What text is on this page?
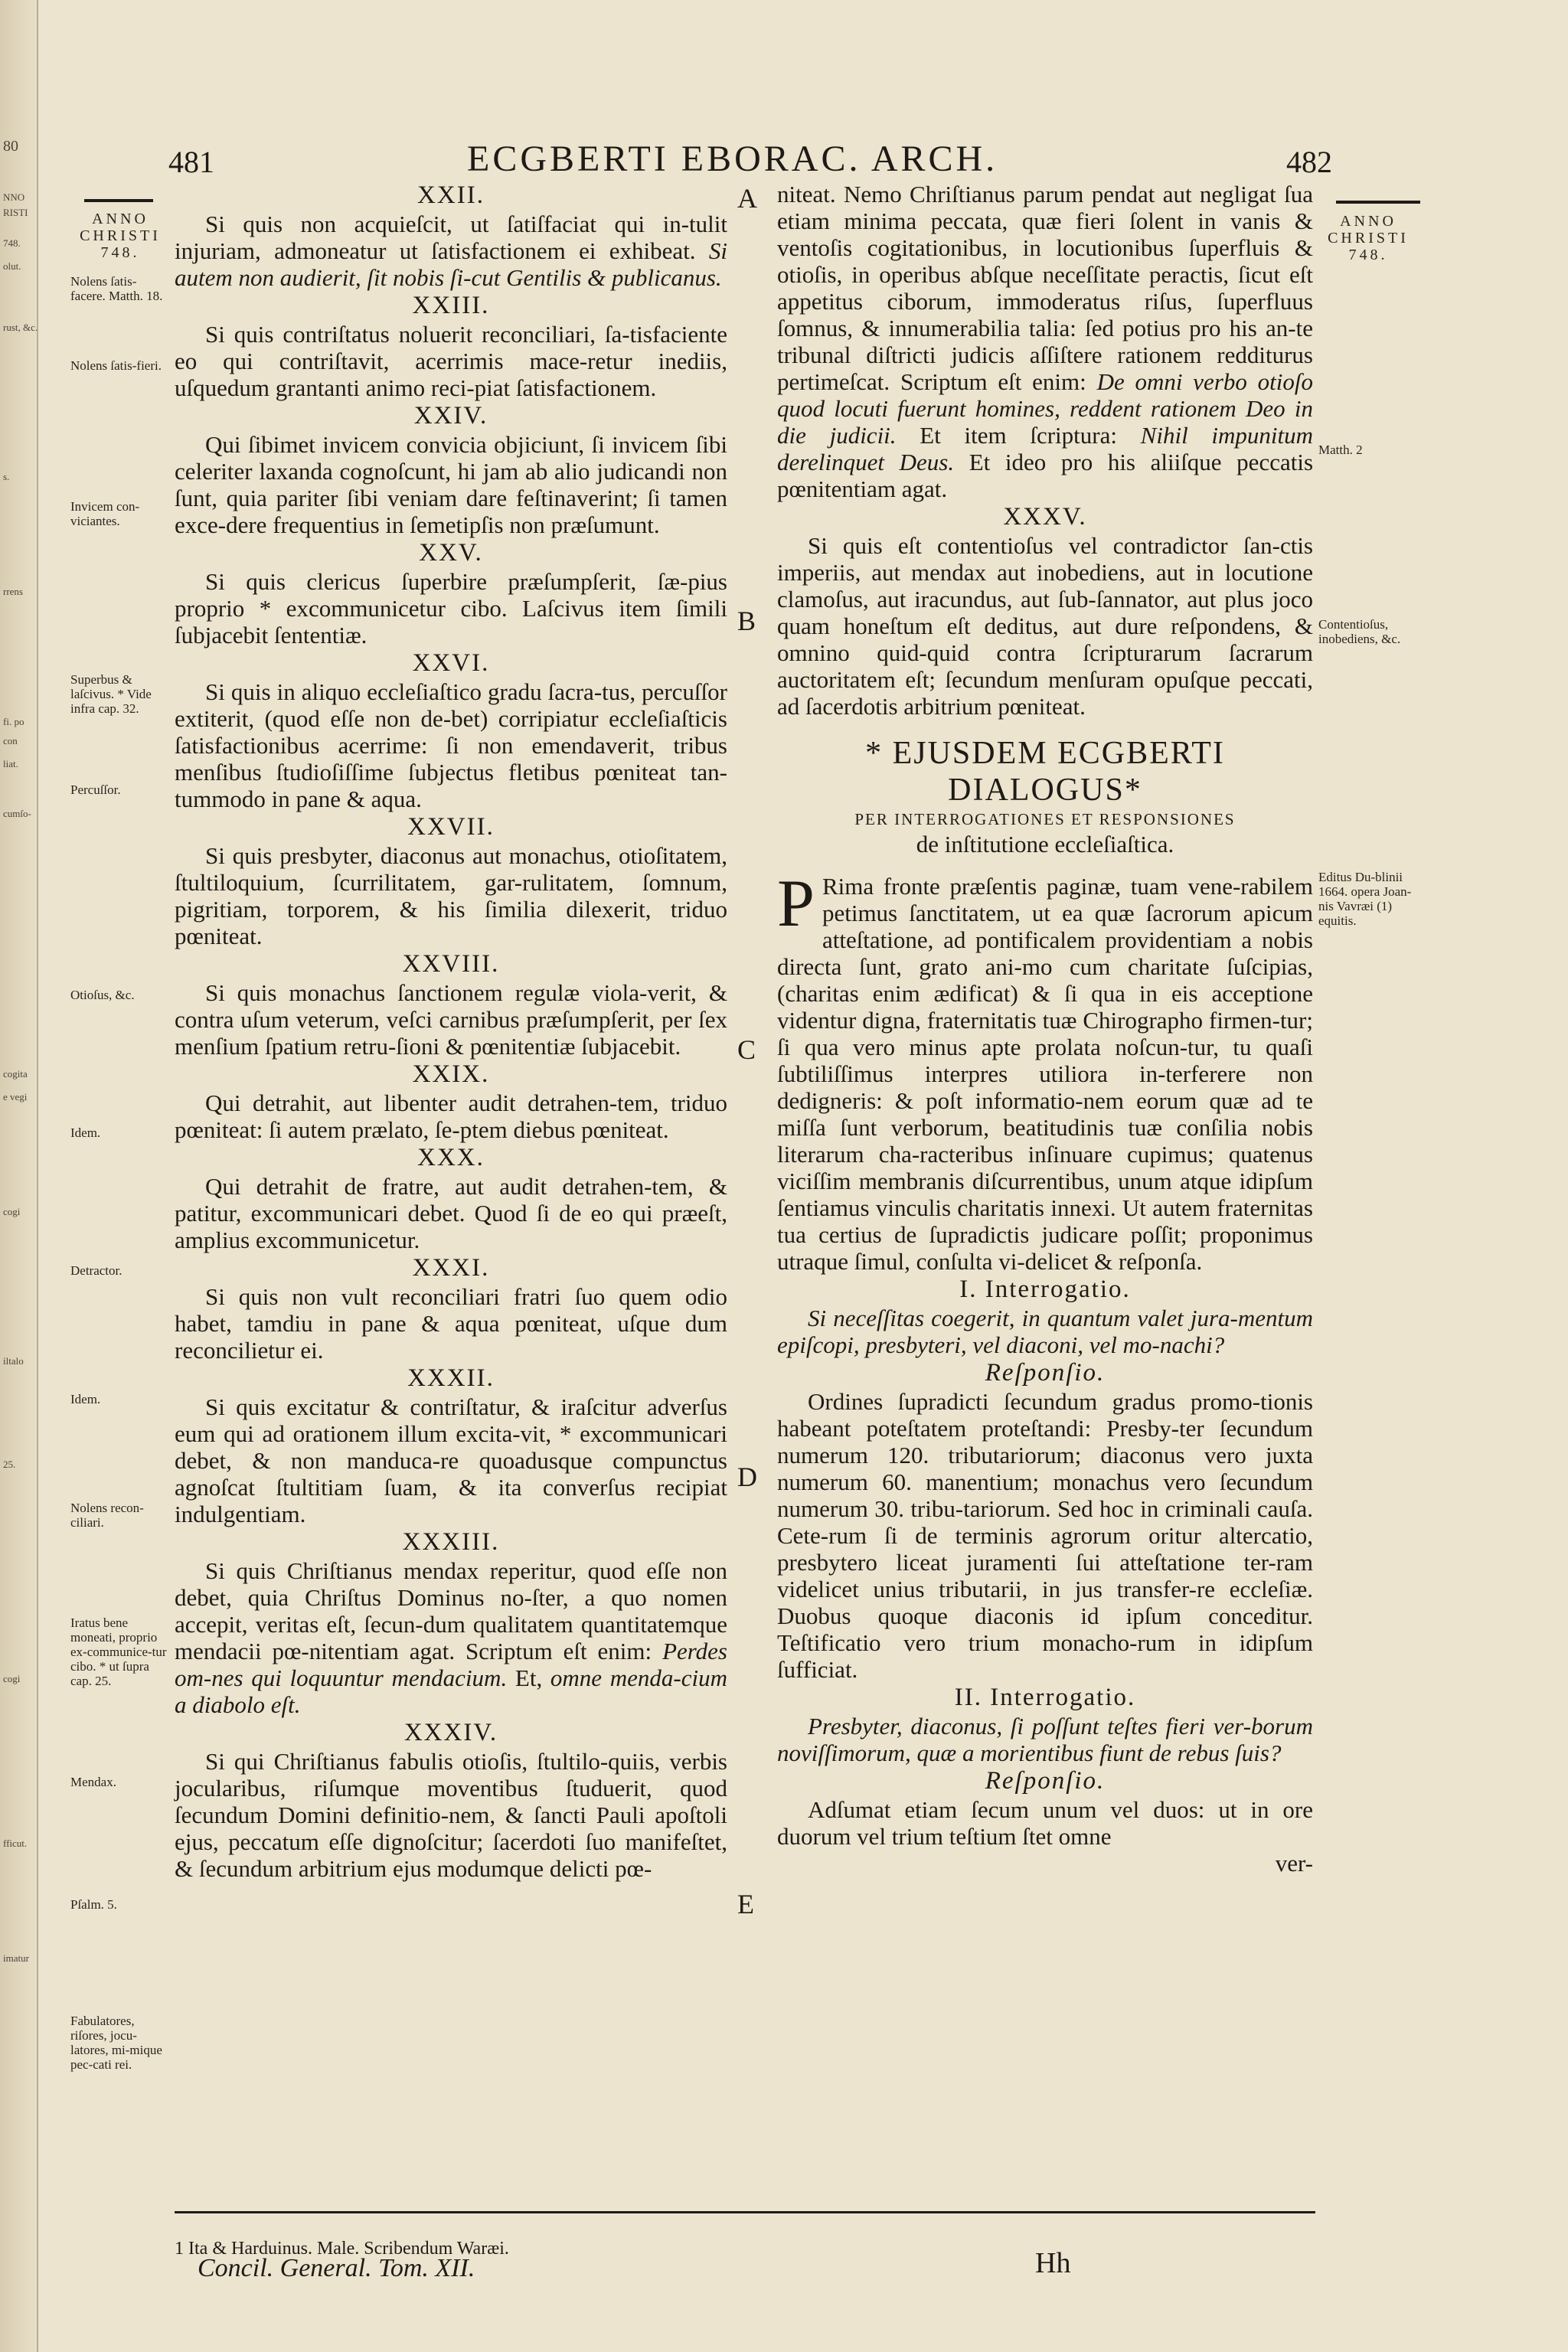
80
NNO
RISTI
748.
olut.
rust, &c.
s.
rrens
fi. po
con
liat.
cumſo-
cogita
e vegi
cogi
iltalo
25.
cogi
fficut.
imatur
481	ECGBERTI EBORAC. ARCH.	482
ANNO CHRISTI 748.
Nolens ſatis-facere. Matth. 18.
Nolens ſatis-fieri.
Invicem con-viciantes.
Superbus & laſcivus. * Vide infra cap. 32.
Percuſſor.
Otioſus, &c.
Idem.
Detractor.
Idem.
Nolens recon-ciliari.
Iratus bene moneati, proprio ex-communice-tur cibo. * ut ſupra cap. 25.
Mendax.
Pſalm. 5.
Fabulatores, riſores, jocu-latores, mi-mique pec-cati rei.
ANNO CHRISTI 748.
Matth. 2
Contentioſus, inobediens, &c.
Editus Du-blinii 1664. opera Joan-nis Vavræi (1) equitis.
XXII.

Si quis non acquieſcit, ut ſatiſfaciat qui in-tulit injuriam, admoneatur ut ſatisfactionem ei exhibeat. Si autem non audierit, ſit nobis ſi-cut Gentilis & publicanus.

XXIII.

Si quis contriſtatus noluerit reconciliari, ſa-tisfaciente eo qui contriſtavit, acerrimis mace-retur inediis, uſquedum grantanti animo reci-piat ſatisfactionem.

XXIV.

Qui ſibimet invicem convicia objiciunt, ſi invicem ſibi celeriter laxanda cognoſcunt, hi jam ab alio judicandi non ſunt, quia pariter ſibi veniam dare feſtinaverint; ſi tamen exce-dere frequentius in ſemetipſis non præſumunt.

XXV.

Si quis clericus ſuperbire præſumpſerit, ſæ-pius proprio * excommunicetur cibo. Laſcivus item ſimili ſubjacebit ſententiæ.

XXVI.

Si quis in aliquo eccleſiaſtico gradu ſacra-tus, percuſſor extiterit, (quod eſſe non de-bet) corripiatur eccleſiaſticis ſatisfactionibus acerrime: ſi non emendaverit, tribus menſibus ſtudioſiſſime ſubjectus fletibus pœniteat tan-tummodo in pane & aqua.

XXVII.

Si quis presbyter, diaconus aut monachus, otioſitatem, ſtultiloquium, ſcurrilitatem, gar-rulitatem, ſomnum, pigritiam, torporem, & his ſimilia dilexerit, triduo pœniteat.

XXVIII.

Si quis monachus ſanctionem regulæ viola-verit, & contra uſum veterum, veſci carnibus præſumpſerit, per ſex menſium ſpatium retru-ſioni & pœnitentiæ ſubjacebit.

XXIX.

Qui detrahit, aut libenter audit detrahen-tem, triduo pœniteat: ſi autem prælato, ſe-ptem diebus pœniteat.

XXX.

Qui detrahit de fratre, aut audit detrahen-tem, & patitur, excommunicari debet. Quod ſi de eo qui præeſt, amplius excommunicetur.

XXXI.

Si quis non vult reconciliari fratri ſuo quem odio habet, tamdiu in pane & aqua pœniteat, uſque dum reconcilietur ei.

XXXII.

Si quis excitatur & contriſtatur, & iraſcitur adverſus eum qui ad orationem illum excita-vit, * excommunicari debet, & non manduca-re quoadusque compunctus agnoſcat ſtultitiam ſuam, & ita converſus recipiat indulgentiam.

XXXIII.

Si quis Chriſtianus mendax reperitur, quod eſſe non debet, quia Chriſtus Dominus no-ſter, a quo nomen accepit, veritas eſt, ſecun-dum qualitatem quantitatemque mendacii pœ-nitentiam agat. Scriptum eſt enim: Perdes om-nes qui loquuntur mendacium. Et, omne menda-cium a diabolo eſt.

XXXIV.

Si qui Chriſtianus fabulis otioſis, ſtultilo-quiis, verbis jocularibus, riſumque moventibus ſtuduerit, quod ſecundum Domini definitio-nem, & ſancti Pauli apoſtoli ejus, peccatum eſſe dignoſcitur; ſacerdoti ſuo manifeſtet, & ſecundum arbitrium ejus modumque delicti pœ-

A
B
C
D
E

niteat. Nemo Chriſtianus parum pendat aut negligat ſua etiam minima peccata, quæ fieri ſolent in vanis & ventoſis cogitationibus, in locutionibus ſuperfluis & otioſis, in operibus abſque neceſſitate peractis, ſicut eſt appetitus ciborum, immoderatus riſus, ſuperfluus ſomnus, & innumerabilia talia: ſed potius pro his an-te tribunal diſtricti judicis aſſiſtere rationem redditurus pertimeſcat. Scriptum eſt enim: De omni verbo otioſo quod locuti fuerunt homines, reddent rationem Deo in die judicii. Et item ſcriptura: Nihil impunitum derelinquet Deus. Et ideo pro his aliiſque peccatis pœnitentiam agat.

XXXV.

Si quis eſt contentioſus vel contradictor ſan-ctis imperiis, aut mendax aut inobediens, aut in locutione clamoſus, aut iracundus, aut ſub-ſannator, aut plus joco quam honeſtum eſt deditus, aut dure reſpondens, & omnino quid-quid contra ſcripturarum ſacrarum auctoritatem eſt; ſecundum menſuram opuſque peccati, ad ſacerdotis arbitrium pœniteat.

* EJUSDEM ECGBERTI DIALOGUS*
PER INTERROGATIONES ET RESPONSIONES
de inſtitutione eccleſiaſtica.

P Rima fronte præſentis paginæ, tuam vene-rabilem petimus ſanctitatem, ut ea quæ ſacrorum apicum atteſtatione, ad pontificalem providentiam a nobis directa ſunt, grato ani-mo cum charitate ſuſcipias, (charitas enim ædificat) & ſi qua in eis acceptione videntur digna, fraternitatis tuæ Chirographo firmen-tur; ſi qua vero minus apte prolata noſcun-tur, tu quaſi ſubtiliſſimus interpres utiliora in-terferere non dedigneris: & poſt informatio-nem eorum quæ ad te miſſa ſunt verborum, beatitudinis tuæ conſilia nobis literarum cha-racteribus inſinuare cupimus; quatenus viciſſim membranis diſcurrentibus, unum atque idipſum ſentiamus vinculis charitatis innexi. Ut autem fraternitas tua certius de ſupradictis judicare poſſit; proponimus utraque ſimul, conſulta vi-delicet & reſponſa.

I. Interrogatio.

Si neceſſitas coegerit, in quantum valet jura-mentum epiſcopi, presbyteri, vel diaconi, vel mo-nachi?

Reſponſio.

Ordines ſupradicti ſecundum gradus promo-tionis habeant poteſtatem proteſtandi: Presby-ter ſecundum numerum 120. tributariorum; diaconus vero juxta numerum 60. manentium; monachus vero ſecundum numerum 30. tribu-tariorum. Sed hoc in criminali cauſa. Cete-rum ſi de terminis agrorum oritur altercatio, presbytero liceat juramenti ſui atteſtatione ter-ram videlicet unius tributarii, in jus transfer-re eccleſiæ. Duobus quoque diaconis id ipſum conceditur. Teſtificatio vero trium monacho-rum in idipſum ſufficiat.

II. Interrogatio.

Presbyter, diaconus, ſi poſſunt teſtes fieri ver-borum noviſſimorum, quæ a morientibus fiunt de rebus ſuis?

Reſponſio.

Adſumat etiam ſecum unum vel duos: ut in ore duorum vel trium teſtium ſtet omne

ver-
1 Ita & Harduinus. Male. Scribendum Waræi.
Concil. General. Tom. XII.	Hh
